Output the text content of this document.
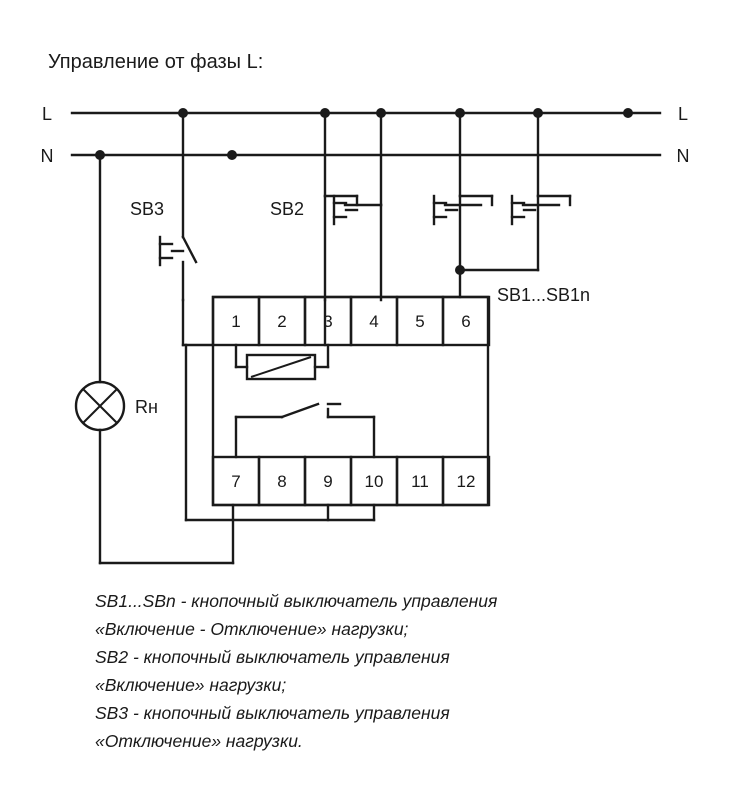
Управление от фазы L:
L	L
N	N
SB3
Rн
SB2
SB1...SB1n
1 2 3 4 5 6
7 8 9 10 11 12
SB1...SBn - кнопочный выключатель управления
«Включение - Отключение» нагрузки;
SB2 - кнопочный выключатель управления
«Включение» нагрузки;
SB3 - кнопочный выключатель управления
«Отключение» нагрузки.
